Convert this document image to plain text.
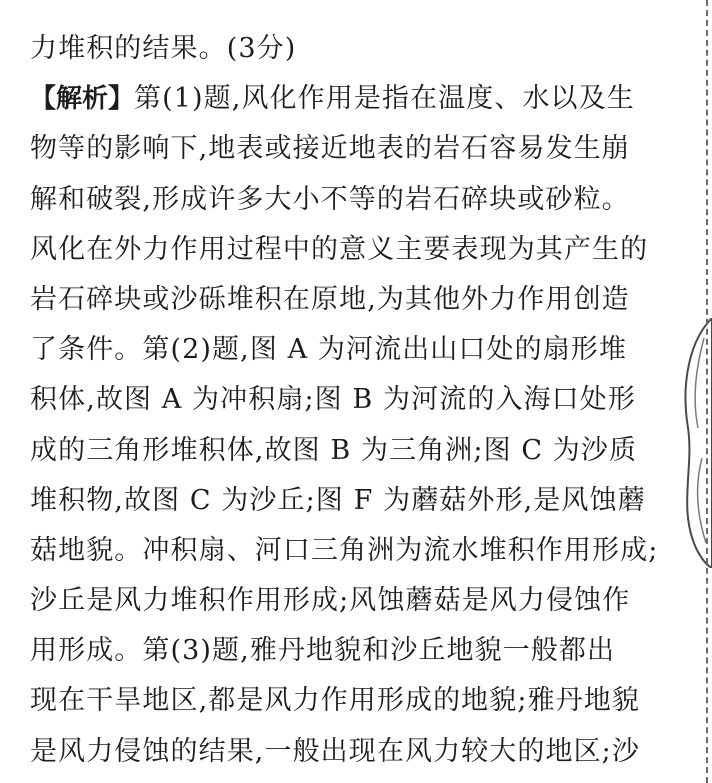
力堆积的结果。(3分)
【解析】第(1)题,风化作用是指在温度、水以及生
物等的影响下,地表或接近地表的岩石容易发生崩
解和破裂,形成许多大小不等的岩石碎块或砂粒。
风化在外力作用过程中的意义主要表现为其产生的
岩石碎块或沙砾堆积在原地,为其他外力作用创造
了条件。第(2)题,图 A 为河流出山口处的扇形堆
积体,故图 A 为冲积扇;图 B 为河流的入海口处形
成的三角形堆积体,故图 B 为三角洲;图 C 为沙质
堆积物,故图 C 为沙丘;图 F 为蘑菇外形,是风蚀蘑
菇地貌。冲积扇、河口三角洲为流水堆积作用形成;
沙丘是风力堆积作用形成;风蚀蘑菇是风力侵蚀作
用形成。第(3)题,雅丹地貌和沙丘地貌一般都出
现在干旱地区,都是风力作用形成的地貌;雅丹地貌
是风力侵蚀的结果,一般出现在风力较大的地区;沙
